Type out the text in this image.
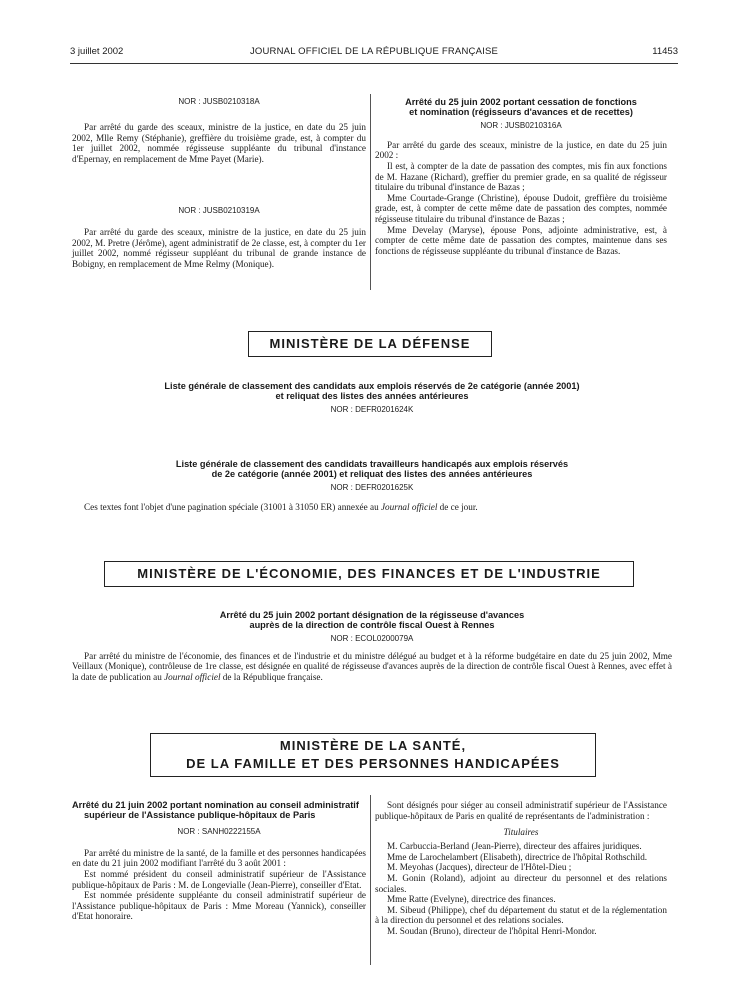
3 juillet 2002	JOURNAL OFFICIEL DE LA RÉPUBLIQUE FRANÇAISE	11453
NOR : JUSB0210318A
Par arrêté du garde des sceaux, ministre de la justice, en date du 25 juin 2002, Mlle Remy (Stéphanie), greffière du troisième grade, est, à compter du 1er juillet 2002, nommée régisseuse suppléante du tribunal d'instance d'Epernay, en remplacement de Mme Payet (Marie).
NOR : JUSB0210319A
Par arrêté du garde des sceaux, ministre de la justice, en date du 25 juin 2002, M. Pretre (Jérôme), agent administratif de 2e classe, est, à compter du 1er juillet 2002, nommé régisseur suppléant du tribunal de grande instance de Bobigny, en remplacement de Mme Relmy (Monique).
Arrêté du 25 juin 2002 portant cessation de fonctions
et nomination (régisseurs d'avances et de recettes)
NOR : JUSB0210316A
Par arrêté du garde des sceaux, ministre de la justice, en date du 25 juin 2002 :
Il est, à compter de la date de passation des comptes, mis fin aux fonctions de M. Hazane (Richard), greffier du premier grade, en sa qualité de régisseur titulaire du tribunal d'instance de Bazas ;
Mme Courtade-Grange (Christine), épouse Dudoit, greffière du troisième grade, est, à compter de cette même date de passation des comptes, nommée régisseuse titulaire du tribunal d'instance de Bazas ;
Mme Develay (Maryse), épouse Pons, adjointe administrative, est, à compter de cette même date de passation des comptes, maintenue dans ses fonctions de régisseuse suppléante du tribunal d'instance de Bazas.
MINISTÈRE DE LA DÉFENSE
Liste générale de classement des candidats aux emplois réservés de 2e catégorie (année 2001)
et reliquat des listes des années antérieures
NOR : DEFR0201624K
Liste générale de classement des candidats travailleurs handicapés aux emplois réservés
de 2e catégorie (année 2001) et reliquat des listes des années antérieures
NOR : DEFR0201625K
Ces textes font l'objet d'une pagination spéciale (31001 à 31050 ER) annexée au Journal officiel de ce jour.
MINISTÈRE DE L'ÉCONOMIE, DES FINANCES ET DE L'INDUSTRIE
Arrêté du 25 juin 2002 portant désignation de la régisseuse d'avances
auprès de la direction de contrôle fiscal Ouest à Rennes
NOR : ECOL0200079A
Par arrêté du ministre de l'économie, des finances et de l'industrie et du ministre délégué au budget et à la réforme budgétaire en date du 25 juin 2002, Mme Veillaux (Monique), contrôleuse de 1re classe, est désignée en qualité de régisseuse d'avances auprès de la direction de contrôle fiscal Ouest à Rennes, avec effet à la date de publication au Journal officiel de la République française.
MINISTÈRE DE LA SANTÉ,
DE LA FAMILLE ET DES PERSONNES HANDICAPÉES
Arrêté du 21 juin 2002 portant nomination au conseil administratif supérieur de l'Assistance publique-hôpitaux de Paris
NOR : SANH0222155A
Par arrêté du ministre de la santé, de la famille et des personnes handicapées en date du 21 juin 2002 modifiant l'arrêté du 3 août 2001 :
Est nommé président du conseil administratif supérieur de l'Assistance publique-hôpitaux de Paris : M. de Longevialle (Jean-Pierre), conseiller d'Etat.
Est nommée présidente suppléante du conseil administratif supérieur de l'Assistance publique-hôpitaux de Paris : Mme Moreau (Yannick), conseiller d'Etat honoraire.
Sont désignés pour siéger au conseil administratif supérieur de l'Assistance publique-hôpitaux de Paris en qualité de représentants de l'administration :
Titulaires
M. Carbuccia-Berland (Jean-Pierre), directeur des affaires juridiques.
Mme de Larochelambert (Elisabeth), directrice de l'hôpital Rothschild.
M. Meyohas (Jacques), directeur de l'Hôtel-Dieu ;
M. Gonin (Roland), adjoint au directeur du personnel et des relations sociales.
Mme Ratte (Evelyne), directrice des finances.
M. Sibeud (Philippe), chef du département du statut et de la réglementation à la direction du personnel et des relations sociales.
M. Soudan (Bruno), directeur de l'hôpital Henri-Mondor.
